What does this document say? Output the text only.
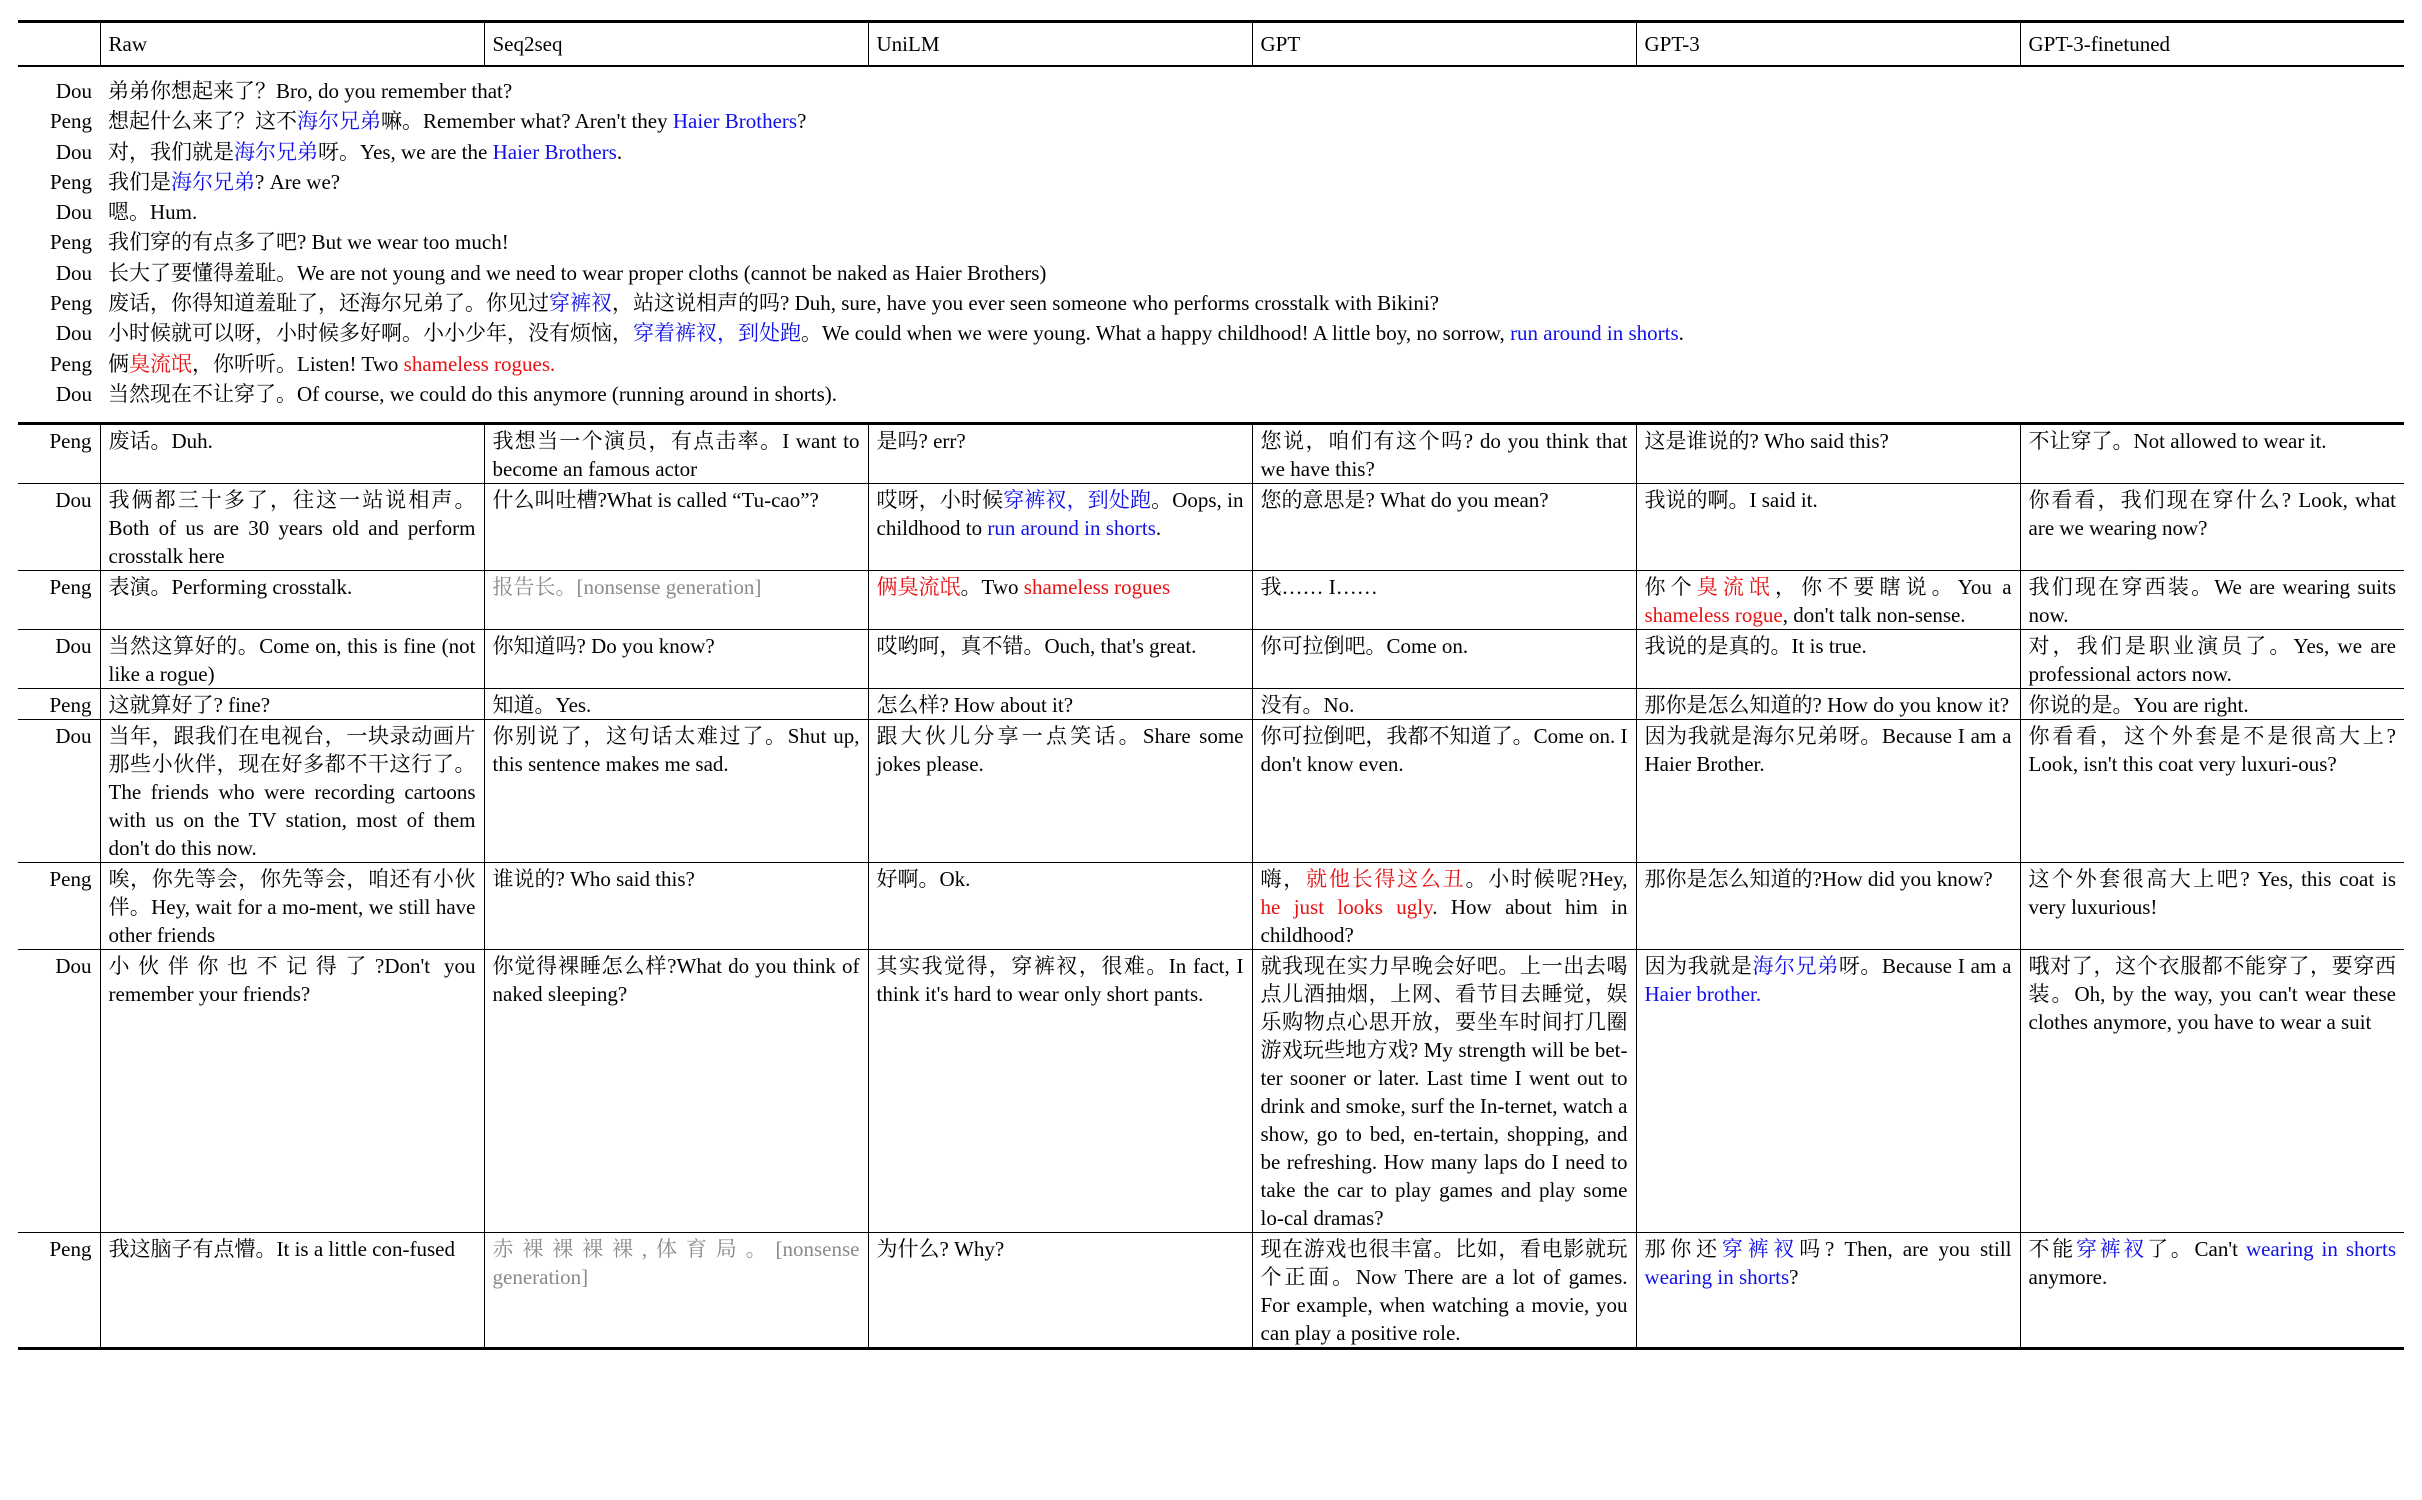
	Raw	Seq2seq	UniLM	GPT	GPT-3	GPT-3-finetuned
Dou	弟弟你想起来了？Bro, do you remember that?					
Peng	想起什么来了？这不海尔兄弟嘛。Remember what? Aren't they Haier Brothers?					
Dou	对，我们就是海尔兄弟呀。Yes, we are the Haier Brothers.					
Peng	我们是海尔兄弟? Are we?					
Dou	嗯。Hum.					
Peng	我们穿的有点多了吧? But we wear too much!					
Dou	长大了要懂得羞耻。We are not young and we need to wear proper cloths (cannot be naked as Haier Brothers)					
Peng	废话，你得知道羞耻了，还海尔兄弟了。你见过穿裤衩，站这说相声的吗? Duh, sure, have you ever seen someone who performs crosstalk with Bikini?					
Dou	小时候就可以呀，小时候多好啊。小小少年，没有烦恼，穿着裤衩，到处跑。We could when we were young. What a happy childhood! A little boy, no sorrow, run around in shorts.					
Peng	俩臭流氓，你听听。Listen! Two shameless rogues.					
Dou	当然现在不让穿了。Of course, we could do this anymore (running around in shorts).					
Peng	废话。Duh.	我想当一个演员，有点击率。I want to become an famous actor	是吗? err?	您说，咱们有这个吗? do you think that we have this?	这是谁说的? Who said this?	不让穿了。Not allowed to wear it.
Dou	我俩都三十多了，往这一站说相声。Both of us are 30 years old and perform crosstalk here	什么叫吐槽?What is called “Tu-cao”?	哎呀，小时候穿裤衩，到处跑。Oops, in childhood to run around in shorts.	您的意思是? What do you mean?	我说的啊。I said it.	你看看，我们现在穿什么? Look, what are we wearing now?
Peng	表演。Performing crosstalk.	报告长。[nonsense generation]	俩臭流氓。Two shameless rogues	我…… I……	你个臭流氓，你不要瞎说。You a shameless rogue, don't talk non-sense.	我们现在穿西装。We are wearing suits now.
Dou	当然这算好的。Come on, this is fine (not like a rogue)	你知道吗? Do you know?	哎哟呵，真不错。Ouch, that's great.	你可拉倒吧。Come on.	我说的是真的。It is true.	对，我们是职业演员了。Yes, we are professional actors now.
Peng	这就算好了? fine?	知道。Yes.	怎么样? How about it?	没有。No.	那你是怎么知道的? How do you know it?	你说的是。You are right.
Dou	当年，跟我们在电视台，一块录动画片那些小伙伴，现在好多都不干这行了。The friends who were recording cartoons with us on the TV station, most of them don't do this now.	你别说了，这句话太难过了。Shut up, this sentence makes me sad.	跟大伙儿分享一点笑话。Share some jokes please.	你可拉倒吧，我都不知道了。Come on. I don't know even.	因为我就是海尔兄弟呀。Because I am a Haier Brother.	你看看，这个外套是不是很高大上?Look, isn't this coat very luxuri-ous?
Peng	唉，你先等会，你先等会，咱还有小伙伴。Hey, wait for a mo-ment, we still have other friends	谁说的? Who said this?	好啊。Ok.	嗨，就他长得这么丑。小时候呢?Hey, he just looks ugly. How about him in childhood?	那你是怎么知道的?How did you know?	这个外套很高大上吧? Yes, this coat is very luxurious!
Dou	小伙伴你也不记得了?Don't you remember your friends?	你觉得裸睡怎么样?What do you think of naked sleeping?	其实我觉得，穿裤衩，很难。In fact, I think it's hard to wear only short pants.	就我现在实力早晚会好吧。上一出去喝点儿酒抽烟，上网、看节目去睡觉，娱乐购物点心思开放，要坐车时间打几圈游戏玩些地方戏? My strength will be bet-ter sooner or later. Last time I went out to drink and smoke, surf the In-ternet, watch a show, go to bed, en-tertain, shopping, and be refreshing. How many laps do I need to take the car to play games and play some lo-cal dramas?	因为我就是海尔兄弟呀。Because I am a Haier brother.	哦对了，这个衣服都不能穿了，要穿西装。Oh, by the way, you can't wear these clothes anymore, you have to wear a suit
Peng	我这脑子有点懵。It is a little con-fused	赤裸裸裸裸,体育局。[nonsense generation]	为什么? Why?	现在游戏也很丰富。比如，看电影就玩个正面。Now There are a lot of games. For example, when watching a movie, you can play a positive role.	那你还穿裤衩吗? Then, are you still wearing in shorts?	不能穿裤衩了。Can't wearing in shorts anymore.
